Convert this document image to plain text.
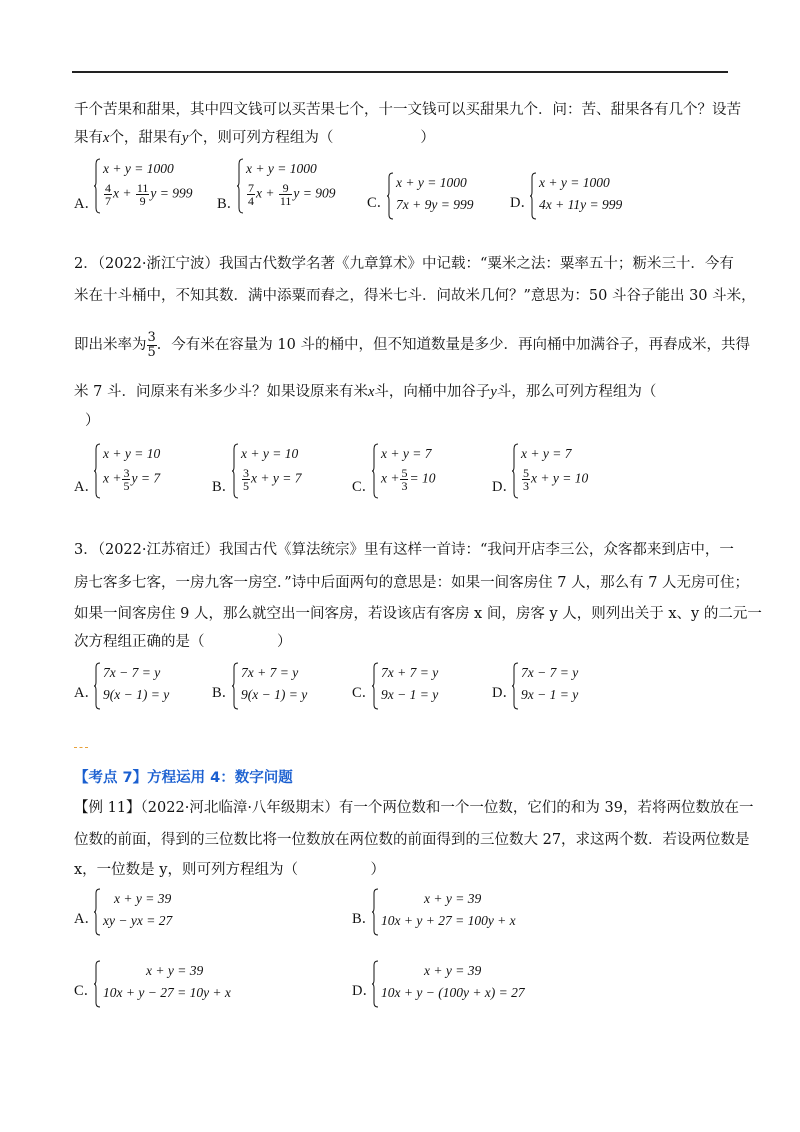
千个苦果和甜果，其中四文钱可以买苦果七个，十一文钱可以买甜果九个．问：苦、甜果各有几个？设苦
果有x个，甜果有y个，则可列方程组为（　　　　　　）
A．
x + y = 1000
$\frac{4}{7}$ $x + \frac{11}{9}$ y = 999
B．
x + y = 1000
$\frac{7}{4}$ $x + \frac{9}{11}$ y = 909
C．
x + y = 1000
7x + 9y = 999	D．
x + y = 1000
4x + 11y = 999
2．（2022·浙江宁波）我国古代数学名著《九章算术》中记载：“粟米之法：粟率五十；粝米三十．今有
米在十斗桶中，不知其数．满中添粟而舂之，得米七斗．问故米几何？”意思为：50 斗谷子能出 30 斗米，
即出米率为 $\frac{3}{5}$ ．今有米在容量为 10 斗的桶中，但不知道数量是多少．再向桶中加满谷子，再舂成米，共得
米 7 斗．问原来有米多少斗？如果设原来有米x斗，向桶中加谷子y斗，那么可列方程组为（
）
A．
x + y = 10
$x + \frac{3}{5}$ y = 7
B．
x + y = 10
$\frac{3}{5}$ x + y = 7
C．
x + y = 7
$x + \frac{5}{3} = 10$
D．
x + y = 7
$\frac{5}{3}$ x + y = 10
3．（2022·江苏宿迁）我国古代《算法统宗》里有这样一首诗：“我问开店李三公，众客都来到店中，一
房七客多七客，一房九客一房空．”诗中后面两句的意思是：如果一间客房住 7 人，那么有 7 人无房可住；
如果一间客房住 9 人，那么就空出一间客房，若设该店有客房 x 间，房客 y 人，则列出关于 x、y 的二元一
次方程组正确的是（　　　　　）
A．
7x − 7 = y
9(x − 1) = y	B．
7x + 7 = y
9(x − 1) = y	C．
7x + 7 = y
9x − 1 = y	D．
7x − 7 = y
9x − 1 = y
【考点 7】方程运用 4：数字问题
【例 11】（2022·河北临漳·八年级期末）有一个两位数和一个一位数，它们的和为 39，若将两位数放在一
位数的前面，得到的三位数比将一位数放在两位数的前面得到的三位数大 27，求这两个数．若设两位数是
x，一位数是 y，则可列方程组为（　　　　　）
A．
x + y = 39
xy − yx = 27	B．
x + y = 39
10x + y + 27 = 100y + x
C．
x + y = 39
10x + y − 27 = 10y + x	D．
x + y = 39
10x + y − (100y + x) = 27
